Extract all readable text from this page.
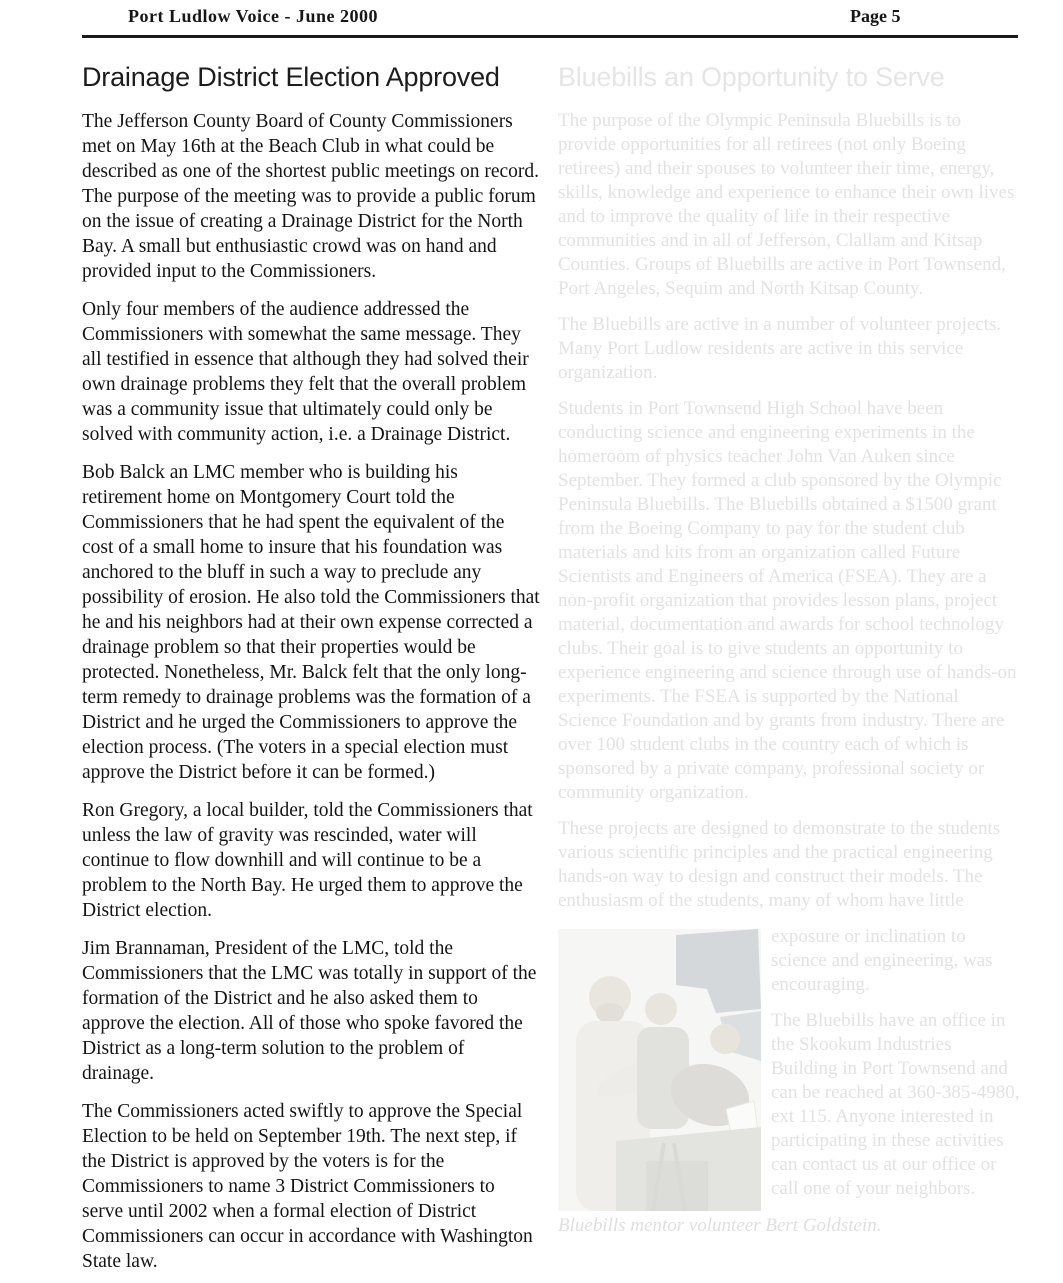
Port Ludlow Voice - June 2000	Page 5
Drainage District Election Approved

The Jefferson County Board of County Commissioners met on May 16th at the Beach Club in what could be described as one of the shortest public meetings on record. The purpose of the meeting was to provide a public forum on the issue of creating a Drainage District for the North Bay. A small but enthusiastic crowd was on hand and provided input to the Commissioners.

Only four members of the audience addressed the Commissioners with somewhat the same message. They all testified in essence that although they had solved their own drainage problems they felt that the overall problem was a community issue that ultimately could only be solved with community action, i.e. a Drainage District.

Bob Balck an LMC member who is building his retirement home on Montgomery Court told the Commissioners that he had spent the equivalent of the cost of a small home to insure that his foundation was anchored to the bluff in such a way to preclude any possibility of erosion. He also told the Commissioners that he and his neighbors had at their own expense corrected a drainage problem so that their properties would be protected. Nonetheless, Mr. Balck felt that the only long-term remedy to drainage problems was the formation of a District and he urged the Commissioners to approve the election process. (The voters in a special election must approve the District before it can be formed.)

Ron Gregory, a local builder, told the Commissioners that unless the law of gravity was rescinded, water will continue to flow downhill and will continue to be a problem to the North Bay. He urged them to approve the District election.

Jim Brannaman, President of the LMC, told the Commissioners that the LMC was totally in support of the formation of the District and he also asked them to approve the election. All of those who spoke favored the District as a long-term solution to the problem of drainage.

The Commissioners acted swiftly to approve the Special Election to be held on September 19th. The next step, if the District is approved by the voters is for the Commissioners to name 3 District Commissioners to serve until 2002 when a formal election of District Commissioners can occur in accordance with Washington State law.

Bluebills an Opportunity to Serve

The purpose of the Olympic Peninsula Bluebills is to provide opportunities for all retirees (not only Boeing retirees) and their spouses to volunteer their time, energy, skills, knowledge and experience to enhance their own lives and to improve the quality of life in their respective communities and in all of Jefferson, Clallam and Kitsap Counties. Groups of Bluebills are active in Port Townsend, Port Angeles, Sequim and North Kitsap County.

The Bluebills are active in a number of volunteer projects. Many Port Ludlow residents are active in this service organization.

Students in Port Townsend High School have been conducting science and engineering experiments in the homeroom of physics teacher John Van Auken since September. They formed a club sponsored by the Olympic Peninsula Bluebills. The Bluebills obtained a $1500 grant from the Boeing Company to pay for the student club materials and kits from an organization called Future Scientists and Engineers of America (FSEA). They are a non-profit organization that provides lesson plans, project material, documentation and awards for school technology clubs. Their goal is to give students an opportunity to experience engineering and science through use of hands-on experiments. The FSEA is supported by the National Science Foundation and by grants from industry. There are over 100 student clubs in the country each of which is sponsored by a private company, professional society or community organization.

These projects are designed to demonstrate to the students various scientific principles and the practical engineering hands-on way to design and construct their models. The enthusiasm of the students, many of whom have little

exposure or inclination to science and engineering, was encouraging.

The Bluebills have an office in the Skookum Industries Building in Port Townsend and can be reached at 360-385-4980, ext 115. Anyone interested in participating in these activities can contact us at our office or call one of your neighbors.

Bluebills mentor volunteer Bert Goldstein.
